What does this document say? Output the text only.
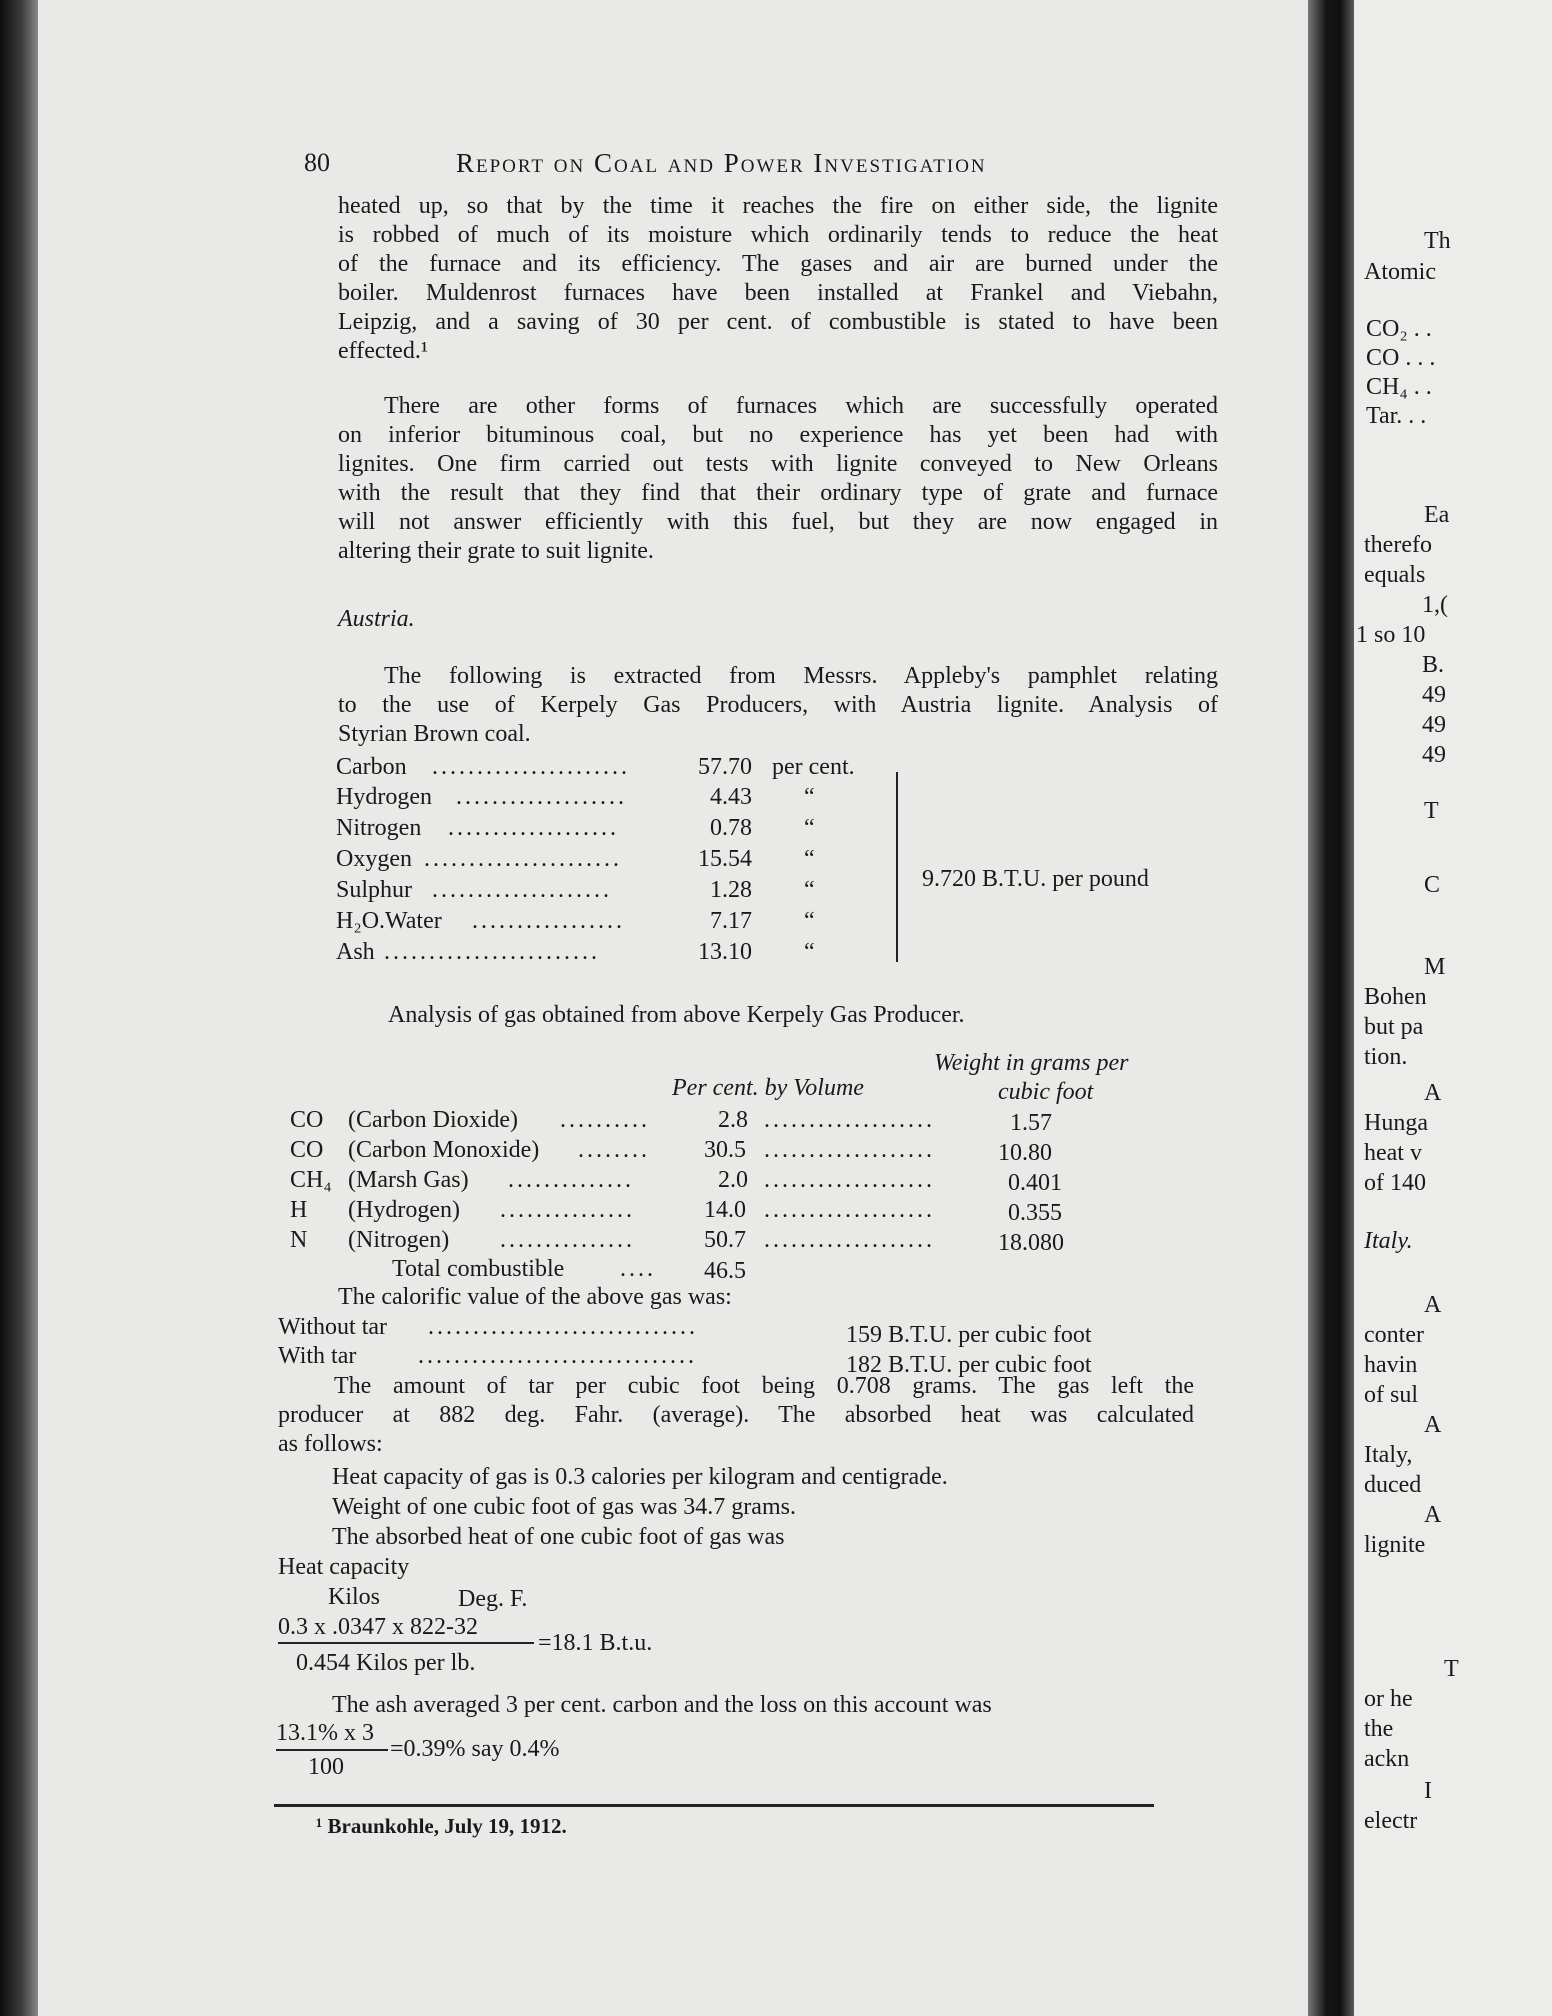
80	Report on Coal and Power Investigation
heated up, so that by the time it reaches the fire on either side, the lignite
is robbed of much of its moisture which ordinarily tends to reduce the heat
of the furnace and its efficiency. The gases and air are burned under the
boiler. Muldenrost furnaces have been installed at Frankel and Viebahn,
Leipzig, and a saving of 30 per cent. of combustible is stated to have been
effected.¹
There are other forms of furnaces which are successfully operated
on inferior bituminous coal, but no experience has yet been had with
lignites. One firm carried out tests with lignite conveyed to New Orleans
with the result that they find that their ordinary type of grate and furnace
will not answer efficiently with this fuel, but they are now engaged in
altering their grate to suit lignite.
Austria.
The following is extracted from Messrs. Appleby's pamphlet relating
to the use of Kerpely Gas Producers, with Austria lignite. Analysis of
Styrian Brown coal.
Carbon ......................	57.70 per cent.
Hydrogen ...................	4.43 “
Nitrogen ...................	0.78 “
Oxygen ......................	15.54 “
Sulphur ....................	1.28 “
H₂O.Water .................	7.17 “
Ash ........................	13.10 “
9.720 B.T.U. per pound
Analysis of gas obtained from above Kerpely Gas Producer.
Weight in grams per
Per cent. by Volume	cubic foot
CO (Carbon Dioxide) ..........	2.8 ...................	1.57
CO (Carbon Monoxide) ........ 30.5 ...................	10.80
CH₄ (Marsh Gas) ..............	2.0 ...................	0.401
H (Hydrogen) ...............	14.0 ...................	0.355
N (Nitrogen) ...............	50.7 ...................	18.080
Total combustible .... 46.5
The calorific value of the above gas was:
Without tar ..............................	159 B.T.U. per cubic foot
With tar	...............................	182 B.T.U. per cubic foot
The amount of tar per cubic foot being 0.708 grams. The gas left the
producer at 882 deg. Fahr. (average). The absorbed heat was calculated
as follows:
Heat capacity of gas is 0.3 calories per kilogram and centigrade.
Weight of one cubic foot of gas was 34.7 grams.
The absorbed heat of one cubic foot of gas was
Heat capacity
Kilos	Deg. F.
0.3 x .0347 x 822-32
=18.1 B.t.u.
0.454 Kilos per lb.
The ash averaged 3 per cent. carbon and the loss on this account was
13.1% x 3
=0.39% say 0.4%
100
¹ Braunkohle, July 19, 1912.
Th
Atomic
CO₂ . .
CO . . .
CH₄ . .
Tar. . .
Ea
therefo
equals
1,(
1 so 10
B.
49
49
49
T
C
M
Bohen
but pa
tion.
A
Hunga
heat v
of 140
Italy.
A
conter
havin
of sul
A
Italy,
duced
A
lignite
T
or he
the
ackn
I
electr
